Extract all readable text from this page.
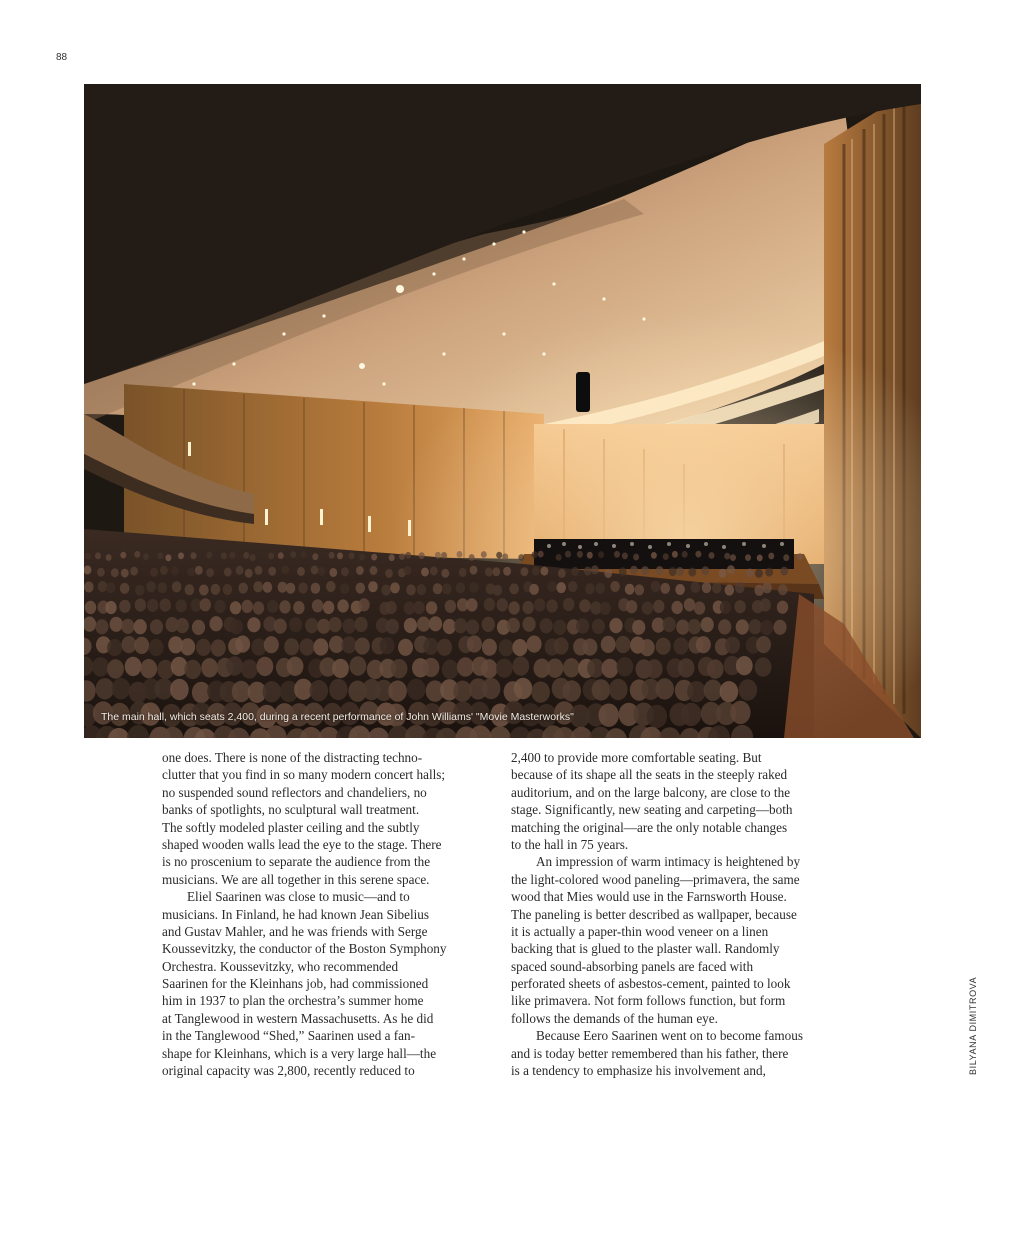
88
The main hall, which seats 2,400, during a recent performance of John Williams' "Movie Masterworks"
one does. There is none of the distracting techno-
clutter that you find in so many modern concert halls;
no suspended sound reflectors and chandeliers, no
banks of spotlights, no sculptural wall treatment.
The softly modeled plaster ceiling and the subtly
shaped wooden walls lead the eye to the stage. There
is no proscenium to separate the audience from the
musicians. We are all together in this serene space.
Eliel Saarinen was close to music—and to
musicians. In Finland, he had known Jean Sibelius
and Gustav Mahler, and he was friends with Serge
Koussevitzky, the conductor of the Boston Symphony
Orchestra. Koussevitzky, who recommended
Saarinen for the Kleinhans job, had commissioned
him in 1937 to plan the orchestra’s summer home
at Tanglewood in western Massachusetts. As he did
in the Tanglewood “Shed,” Saarinen used a fan-
shape for Kleinhans, which is a very large hall—the
original capacity was 2,800, recently reduced to
2,400 to provide more comfortable seating. But
because of its shape all the seats in the steeply raked
auditorium, and on the large balcony, are close to the
stage. Significantly, new seating and carpeting—both
matching the original—are the only notable changes
to the hall in 75 years.
An impression of warm intimacy is heightened by
the light-colored wood paneling—primavera, the same
wood that Mies would use in the Farnsworth House.
The paneling is better described as wallpaper, because
it is actually a paper-thin wood veneer on a linen
backing that is glued to the plaster wall. Randomly
spaced sound-absorbing panels are faced with
perforated sheets of asbestos-cement, painted to look
like primavera. Not form follows function, but form
follows the demands of the human eye.
Because Eero Saarinen went on to become famous
and is today better remembered than his father, there
is a tendency to emphasize his involvement and,	BILYANA DIMITROVA
